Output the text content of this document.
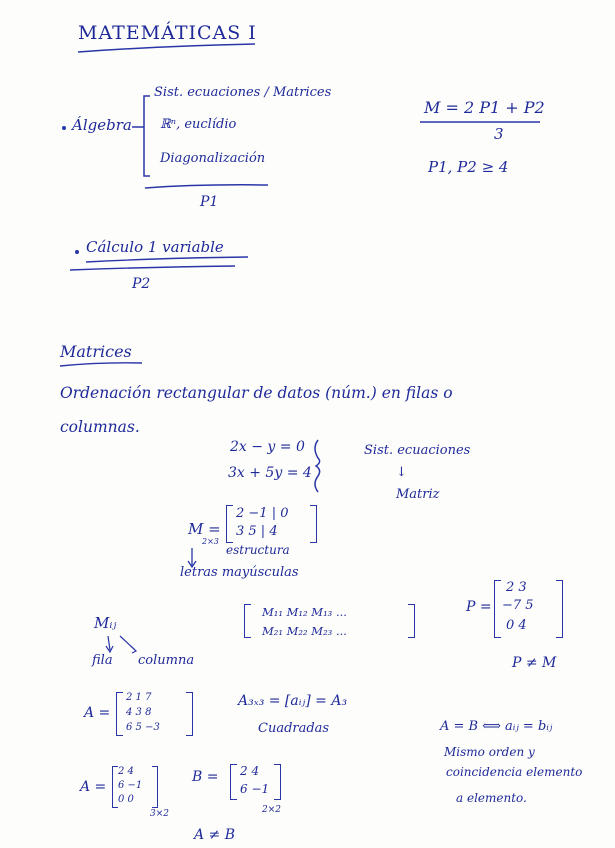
MATEMÁTICAS I
Álgebra
Sist. ecuaciones / Matrices
ℝⁿ, euclídio
Diagonalización
P1
M = 2 P1 + P2
3
P1, P2 ≥ 4
Cálculo 1 variable
P2
Matrices
Ordenación rectangular de datos (núm.) en filas o
columnas.
2x − y = 0
3x + 5y = 4
Sist. ecuaciones
↓
Matriz
M =
2×3
2 −1 | 0
3 5 | 4
estructura
letras mayúsculas
Mᵢⱼ
fila columna
M₁₁ M₁₂ M₁₃ ...
M₂₁ M₂₂ M₂₃ ...
P =
2 3
−7 5
0 4
P ≠ M
A =
2 1 7
4 3 8
6 5 −3
A₃ₓ₃ = [aᵢⱼ] = A₃
Cuadradas	A = B ⟺ aᵢⱼ = bᵢⱼ
Mismo orden y
coincidencia elemento
a elemento.
A =
2 4
6 −1
0 0
3×2
B = 2 4
6 −1
2×2
A ≠ B
